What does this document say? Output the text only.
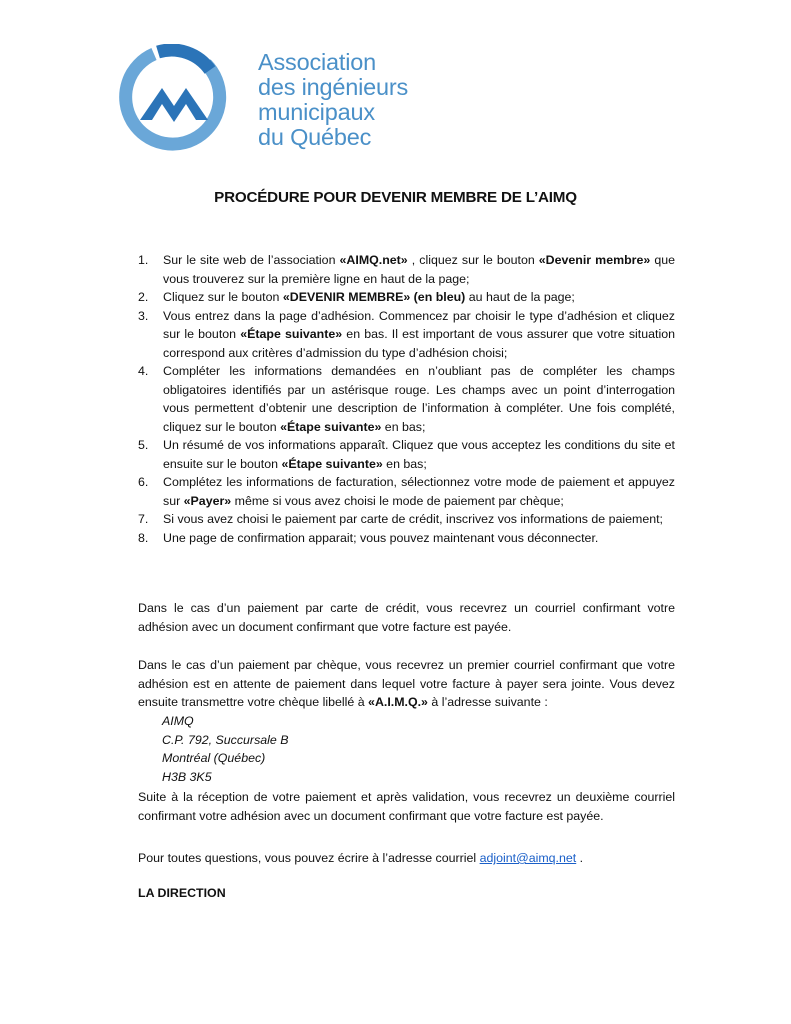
Association
des ingénieurs
municipaux
du Québec
PROCÉDURE POUR DEVENIR MEMBRE DE L’AIMQ
1. Sur le site web de l’association «AIMQ.net» , cliquez sur le bouton «Devenir membre» que vous trouverez sur la première ligne en haut de la page;
2. Cliquez sur le bouton «DEVENIR MEMBRE» (en bleu) au haut de la page;
3. Vous entrez dans la page d’adhésion. Commencez par choisir le type d’adhésion et cliquez sur le bouton «Étape suivante» en bas. Il est important de vous assurer que votre situation correspond aux critères d’admission du type d’adhésion choisi;
4. Compléter les informations demandées en n’oubliant pas de compléter les champs obligatoires identifiés par un astérisque rouge. Les champs avec un point d’interrogation vous permettent d’obtenir une description de l’information à compléter. Une fois complété, cliquez sur le bouton «Étape suivante» en bas;
5. Un résumé de vos informations apparaît. Cliquez que vous acceptez les conditions du site et ensuite sur le bouton «Étape suivante» en bas;
6. Complétez les informations de facturation, sélectionnez votre mode de paiement et appuyez sur «Payer» même si vous avez choisi le mode de paiement par chèque;
7. Si vous avez choisi le paiement par carte de crédit, inscrivez vos informations de paiement;
8. Une page de confirmation apparait; vous pouvez maintenant vous déconnecter.

Dans le cas d’un paiement par carte de crédit, vous recevrez un courriel confirmant votre adhésion avec un document confirmant que votre facture est payée.

Dans le cas d’un paiement par chèque, vous recevrez un premier courriel confirmant que votre adhésion est en attente de paiement dans lequel votre facture à payer sera jointe. Vous devez ensuite transmettre votre chèque libellé à «A.I.M.Q.» à l’adresse suivante :

AIMQ
C.P. 792, Succursale B
Montréal (Québec)
H3B 3K5

Suite à la réception de votre paiement et après validation, vous recevrez un deuxième courriel confirmant votre adhésion avec un document confirmant que votre facture est payée.

Pour toutes questions, vous pouvez écrire à l’adresse courriel adjoint@aimq.net .

LA DIRECTION
